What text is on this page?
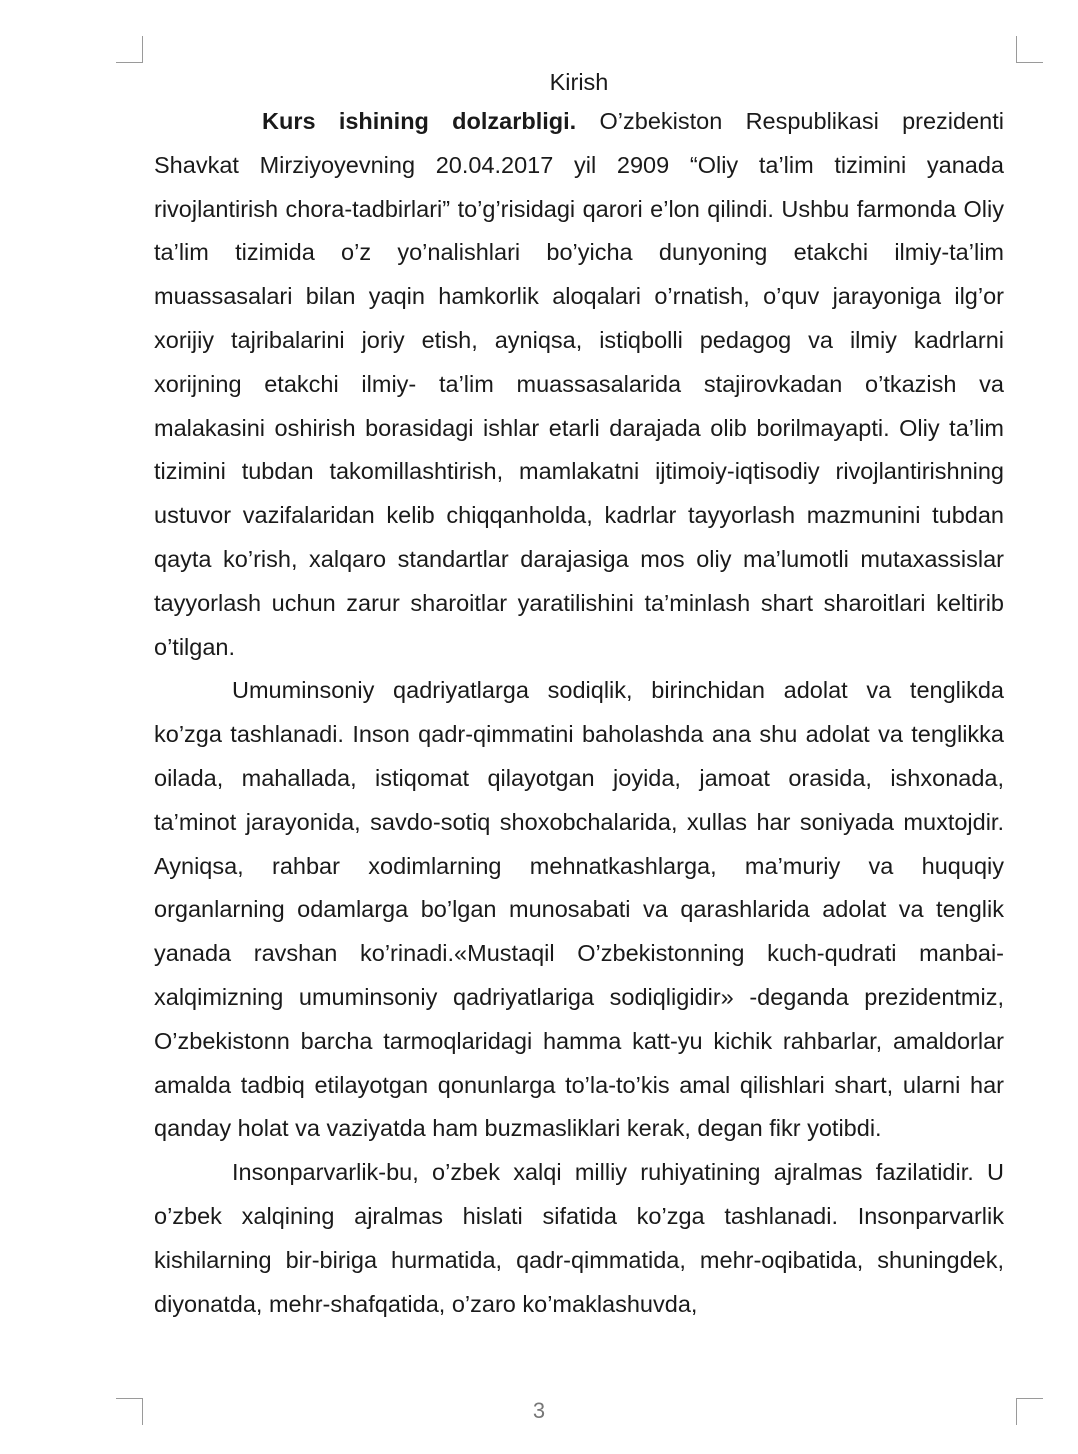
Kirish

Kurs ishining dolzarbligi. O’zbekiston Respublikasi prezidenti Shavkat Mirziyoyevning 20.04.2017 yil 2909 “Oliy ta’lim tizimini yanada rivojlantirish chora-tadbirlari” to’g’risidagi qarori e’lon qilindi. Ushbu farmonda Oliy ta’lim tizimida o’z yo’nalishlari bo’yicha dunyoning etakchi ilmiy-ta’lim muassasalari bilan yaqin hamkorlik aloqalari o’rnatish, o’quv jarayoniga ilg’or xorijiy tajribalarini joriy etish, ayniqsa, istiqbolli pedagog va ilmiy kadrlarni xorijning etakchi ilmiy- ta’lim muassasalarida stajirovkadan o’tkazish va malakasini oshirish borasidagi ishlar etarli darajada olib borilmayapti. Oliy ta’lim tizimini tubdan takomillashtirish, mamlakatni ijtimoiy-iqtisodiy rivojlantirishning ustuvor vazifalaridan kelib chiqqanholda, kadrlar tayyorlash mazmunini tubdan qayta ko’rish, xalqaro standartlar darajasiga mos oliy ma’lumotli mutaxassislar tayyorlash uchun zarur sharoitlar yaratilishini ta’minlash shart sharoitlari keltirib o’tilgan.

Umuminsoniy qadriyatlarga sodiqlik, birinchidan adolat va tenglikda ko’zga tashlanadi. Inson qadr-qimmatini baholashda ana shu adolat va tenglikka oilada, mahallada, istiqomat qilayotgan joyida, jamoat orasida, ishxonada, ta’minot jarayonida, savdo-sotiq shoxobchalarida, xullas har soniyada muxtojdir. Ayniqsa, rahbar xodimlarning mehnatkashlarga, ma’muriy va huquqiy organlarning odamlarga bo’lgan munosabati va qarashlarida adolat va tenglik yanada ravshan ko’rinadi.«Mustaqil O’zbekistonning kuch-qudrati manbai-xalqimizning umuminsoniy qadriyatlariga sodiqligidir» -deganda prezidentmiz, O’zbekistonn barcha tarmoqlaridagi hamma katt-yu kichik rahbarlar, amaldorlar amalda tadbiq etilayotgan qonunlarga to’la-to’kis amal qilishlari shart, ularni har qanday holat va vaziyatda ham buzmasliklari kerak, degan fikr yotibdi.

Insonparvarlik-bu, o’zbek xalqi milliy ruhiyatining ajralmas fazilatidir. U o’zbek xalqining ajralmas hislati sifatida ko’zga tashlanadi. Insonparvarlik kishilarning bir-biriga hurmatida, qadr-qimmatida, mehr-oqibatida, shuningdek, diyonatda, mehr-shafqatida, o’zaro ko’maklashuvda,

3
